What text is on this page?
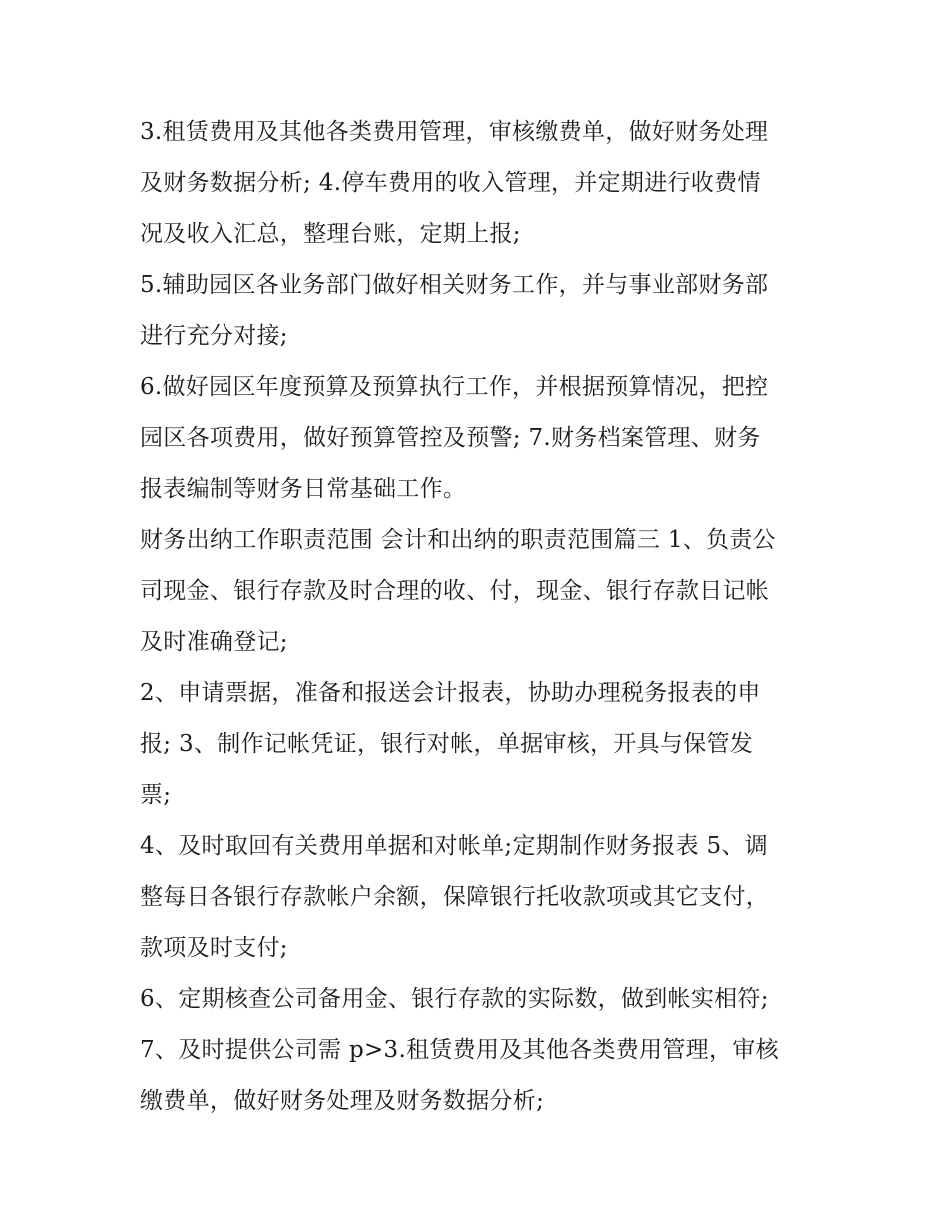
3.租赁费用及其他各类费用管理，审核缴费单，做好财务处理
及财务数据分析; 4.停车费用的收入管理，并定期进行收费情
况及收入汇总，整理台账，定期上报;

5.辅助园区各业务部门做好相关财务工作，并与事业部财务部
进行充分对接;

6.做好园区年度预算及预算执行工作，并根据预算情况，把控
园区各项费用，做好预算管控及预警; 7.财务档案管理、财务
报表编制等财务日常基础工作。

财务出纳工作职责范围 会计和出纳的职责范围篇三 1、负责公
司现金、银行存款及时合理的收、付，现金、银行存款日记帐
及时准确登记;

2、申请票据，准备和报送会计报表，协助办理税务报表的申
报; 3、制作记帐凭证，银行对帐，单据审核，开具与保管发
票;

4、及时取回有关费用单据和对帐单;定期制作财务报表 5、调
整每日各银行存款帐户余额，保障银行托收款项或其它支付，
款项及时支付;

6、定期核查公司备用金、银行存款的实际数，做到帐实相符;

7、及时提供公司需 p>3.租赁费用及其他各类费用管理，审核
缴费单，做好财务处理及财务数据分析;
